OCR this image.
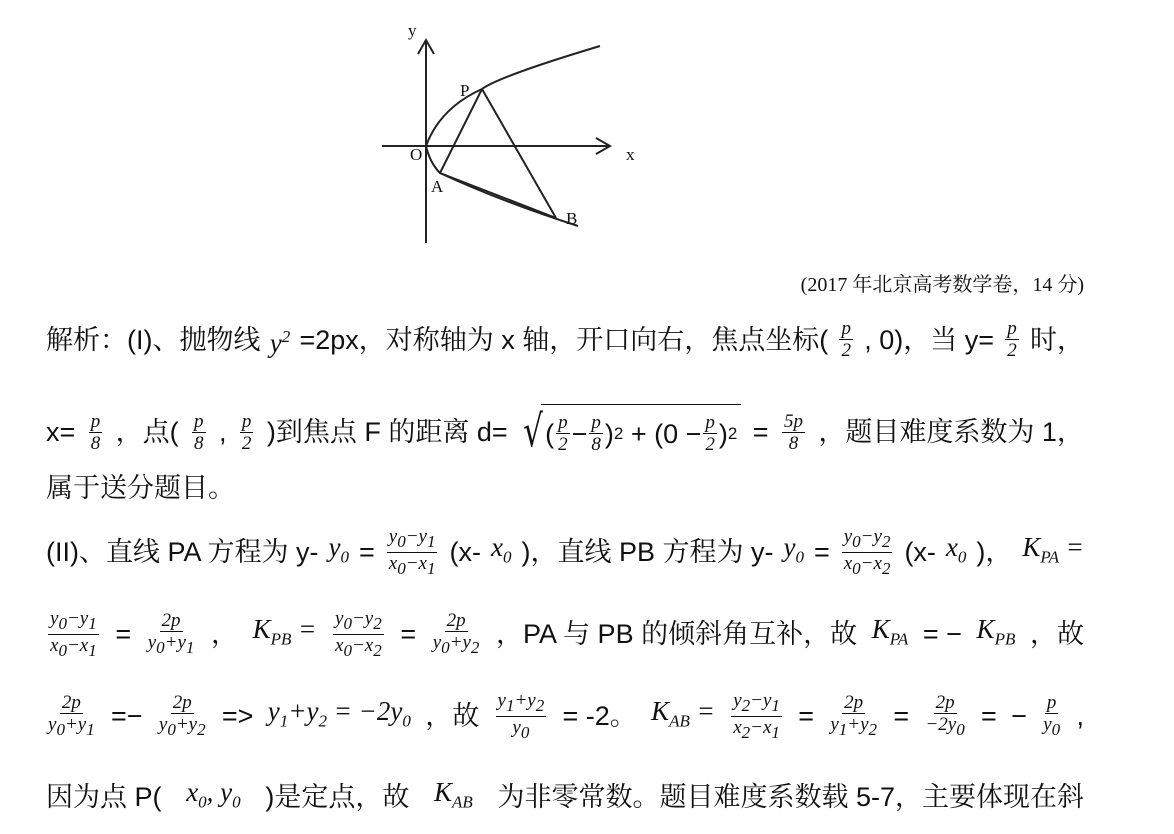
y
x
O
P
A
B
(2017 年北京高考数学卷，14 分)
解析：(I)、抛物线 $y^2 =2px$，对称轴为 x 轴，开口向右，焦点坐标( $\frac{p}{2}$ , 0)，当 $y= \frac{p}{2}$ 时，
$x= \frac{p}{8}$ ，点( $\frac{p}{8}$ , $\frac{p}{2}$ )到焦点 F 的距离 d= √ ( $\frac{p}{2} - \frac{p}{8}$ ) $2 + (0 - \frac{p}{2}$ ) $2 = \frac{5p}{8}$ ，题目难度系数为 1，
属于送分题目。
(II)、直线 PA 方程为 y- $y_0 = \frac{y_0-y_1}{x_0-x_1} (x-$ $x_0$ )，直线 PB 方程为 y- $y_0 = \frac{y_0-y_2}{x_0-x_2} (x-$ $x_0$ )， $K_{PA}$ =
$\frac{y_0-y_1}{x_0-x_1} = \frac{2p}{y_0+y_1}$ ， $K_{PB} = \frac{y_0-y_2}{x_0-x_2} = \frac{2p}{y_0+y_2}$ ，PA 与 PB 的倾斜角互补，故 $K_{PA}$ = − $K_{PB}$ ，故
$\frac{2p}{y_0+y_1} =- \frac{2p}{y_0+y_2} => y_1+y_2 = -2y_0$ ，故 $\frac{y_1+y_2}{y_0} = -2$。 $K_{AB} = \frac{y_2-y_1}{x_2-x_1} = \frac{2p}{y_1+y_2} = \frac{2p}{-2y_0}$ = − $\frac{p}{y_0}$ ,
因为点 P( $x_0$, $y_0$ )是定点，故 $K_{AB}$ 为非零常数。题目难度系数载 5-7，主要体现在斜
